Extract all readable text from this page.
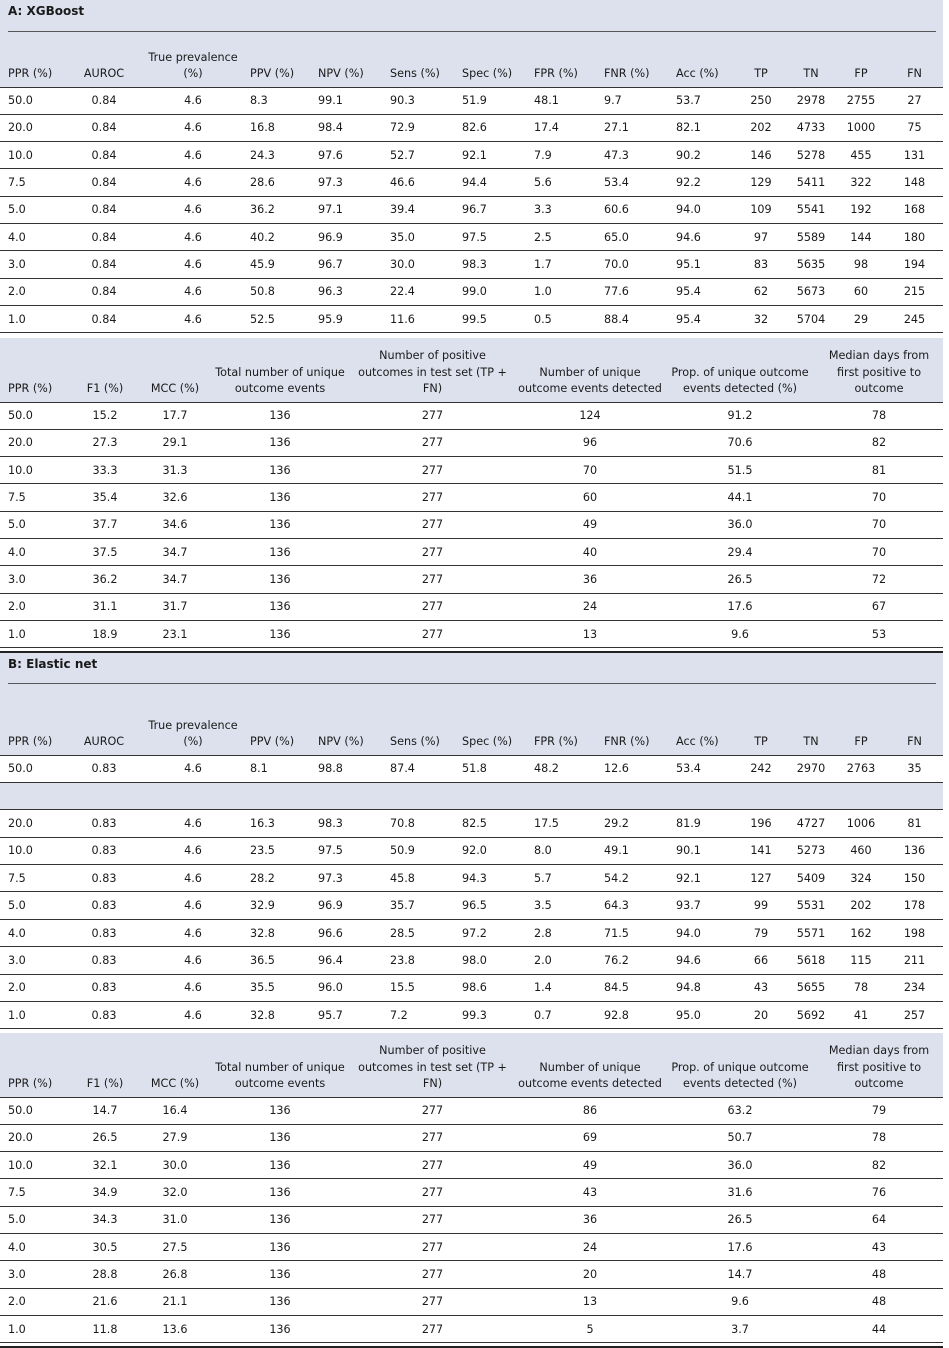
A: XGBoost
PPR (%)	AUROC	True prevalence (%)	PPV (%)	NPV (%)	Sens (%)	Spec (%)	FPR (%)	FNR (%)	Acc (%)	TP	TN	FP	FN
50.0	0.84	4.6	8.3	99.1	90.3	51.9	48.1	9.7	53.7	250	2978	2755	27
20.0	0.84	4.6	16.8	98.4	72.9	82.6	17.4	27.1	82.1	202	4733	1000	75
10.0	0.84	4.6	24.3	97.6	52.7	92.1	7.9	47.3	90.2	146	5278	455	131
7.5	0.84	4.6	28.6	97.3	46.6	94.4	5.6	53.4	92.2	129	5411	322	148
5.0	0.84	4.6	36.2	97.1	39.4	96.7	3.3	60.6	94.0	109	5541	192	168
4.0	0.84	4.6	40.2	96.9	35.0	97.5	2.5	65.0	94.6	97	5589	144	180
3.0	0.84	4.6	45.9	96.7	30.0	98.3	1.7	70.0	95.1	83	5635	98	194
2.0	0.84	4.6	50.8	96.3	22.4	99.0	1.0	77.6	95.4	62	5673	60	215
1.0	0.84	4.6	52.5	95.9	11.6	99.5	0.5	88.4	95.4	32	5704	29	245
PPR (%)	F1 (%)	MCC (%)	Total number of unique outcome events	Number of positive outcomes in test set (TP + FN)	Number of unique outcome events detected	Prop. of unique outcome events detected (%)	Median days from first positive to outcome
50.0	15.2	17.7	136	277	124	91.2	78
20.0	27.3	29.1	136	277	96	70.6	82
10.0	33.3	31.3	136	277	70	51.5	81
7.5	35.4	32.6	136	277	60	44.1	70
5.0	37.7	34.6	136	277	49	36.0	70
4.0	37.5	34.7	136	277	40	29.4	70
3.0	36.2	34.7	136	277	36	26.5	72
2.0	31.1	31.7	136	277	24	17.6	67
1.0	18.9	23.1	136	277	13	9.6	53
B: Elastic net
PPR (%)	AUROC	True prevalence (%)	PPV (%)	NPV (%)	Sens (%)	Spec (%)	FPR (%)	FNR (%)	Acc (%)	TP	TN	FP	FN
50.0	0.83	4.6	8.1	98.8	87.4	51.8	48.2	12.6	53.4	242	2970	2763	35

20.0	0.83	4.6	16.3	98.3	70.8	82.5	17.5	29.2	81.9	196	4727	1006	81
10.0	0.83	4.6	23.5	97.5	50.9	92.0	8.0	49.1	90.1	141	5273	460	136
7.5	0.83	4.6	28.2	97.3	45.8	94.3	5.7	54.2	92.1	127	5409	324	150
5.0	0.83	4.6	32.9	96.9	35.7	96.5	3.5	64.3	93.7	99	5531	202	178
4.0	0.83	4.6	32.8	96.6	28.5	97.2	2.8	71.5	94.0	79	5571	162	198
3.0	0.83	4.6	36.5	96.4	23.8	98.0	2.0	76.2	94.6	66	5618	115	211
2.0	0.83	4.6	35.5	96.0	15.5	98.6	1.4	84.5	94.8	43	5655	78	234
1.0	0.83	4.6	32.8	95.7	7.2	99.3	0.7	92.8	95.0	20	5692	41	257
PPR (%)	F1 (%)	MCC (%)	Total number of unique outcome events	Number of positive outcomes in test set (TP + FN)	Number of unique outcome events detected	Prop. of unique outcome events detected (%)	Median days from first positive to outcome
50.0	14.7	16.4	136	277	86	63.2	79
20.0	26.5	27.9	136	277	69	50.7	78
10.0	32.1	30.0	136	277	49	36.0	82
7.5	34.9	32.0	136	277	43	31.6	76
5.0	34.3	31.0	136	277	36	26.5	64
4.0	30.5	27.5	136	277	24	17.6	43
3.0	28.8	26.8	136	277	20	14.7	48
2.0	21.6	21.1	136	277	13	9.6	48
1.0	11.8	13.6	136	277	5	3.7	44
